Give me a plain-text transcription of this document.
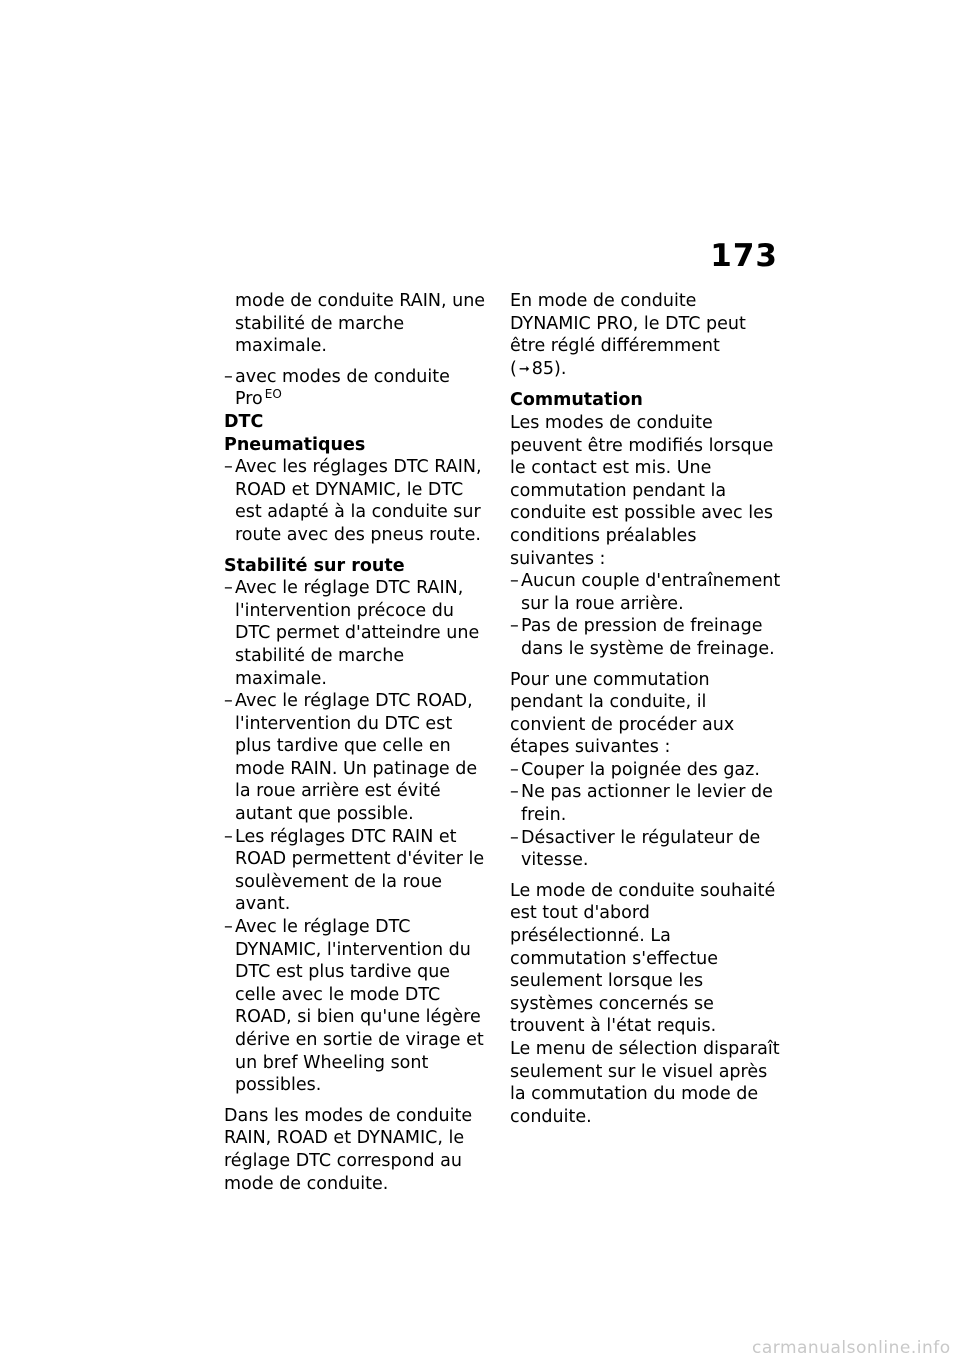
173
mode de conduite RAIN, une stabilité de marche maximale.
– avec modes de conduite Pro $^{EO}$
DTC
Pneumatiques
– Avec les réglages DTC RAIN, ROAD et DYNAMIC, le DTC est adapté à la conduite sur route avec des pneus route.
Stabilité sur route
– Avec le réglage DTC RAIN, l'intervention précoce du DTC permet d'atteindre une stabilité de marche maximale.
– Avec le réglage DTC ROAD, l'intervention du DTC est plus tardive que celle en mode RAIN. Un patinage de la roue arrière est évité autant que possible.
– Les réglages DTC RAIN et ROAD permettent d'éviter le soulèvement de la roue avant.
– Avec le réglage DTC DYNAMIC, l'intervention du DTC est plus tardive que celle avec le mode DTC ROAD, si bien qu'une légère dérive en sortie de virage et un bref Wheeling sont possibles.
Dans les modes de conduite RAIN, ROAD et DYNAMIC, le réglage DTC correspond au mode de conduite.
En mode de conduite DYNAMIC PRO, le DTC peut être réglé différemment
( ➞ 85).
Commutation
Les modes de conduite peuvent être modifiés lorsque le contact est mis. Une commutation pendant la conduite est possible avec les conditions préalables suivantes :
– Aucun couple d'entraînement sur la roue arrière.
– Pas de pression de freinage dans le système de freinage.
Pour une commutation pendant la conduite, il convient de procéder aux étapes suivantes :
– Couper la poignée des gaz.
– Ne pas actionner le levier de frein.
– Désactiver le régulateur de vitesse.
Le mode de conduite souhaité est tout d'abord présélectionné. La commutation s'effectue seulement lorsque les systèmes concernés se trouvent à l'état requis.
Le menu de sélection disparaît seulement sur le visuel après la commutation du mode de conduite.
carmanualsonline.info
